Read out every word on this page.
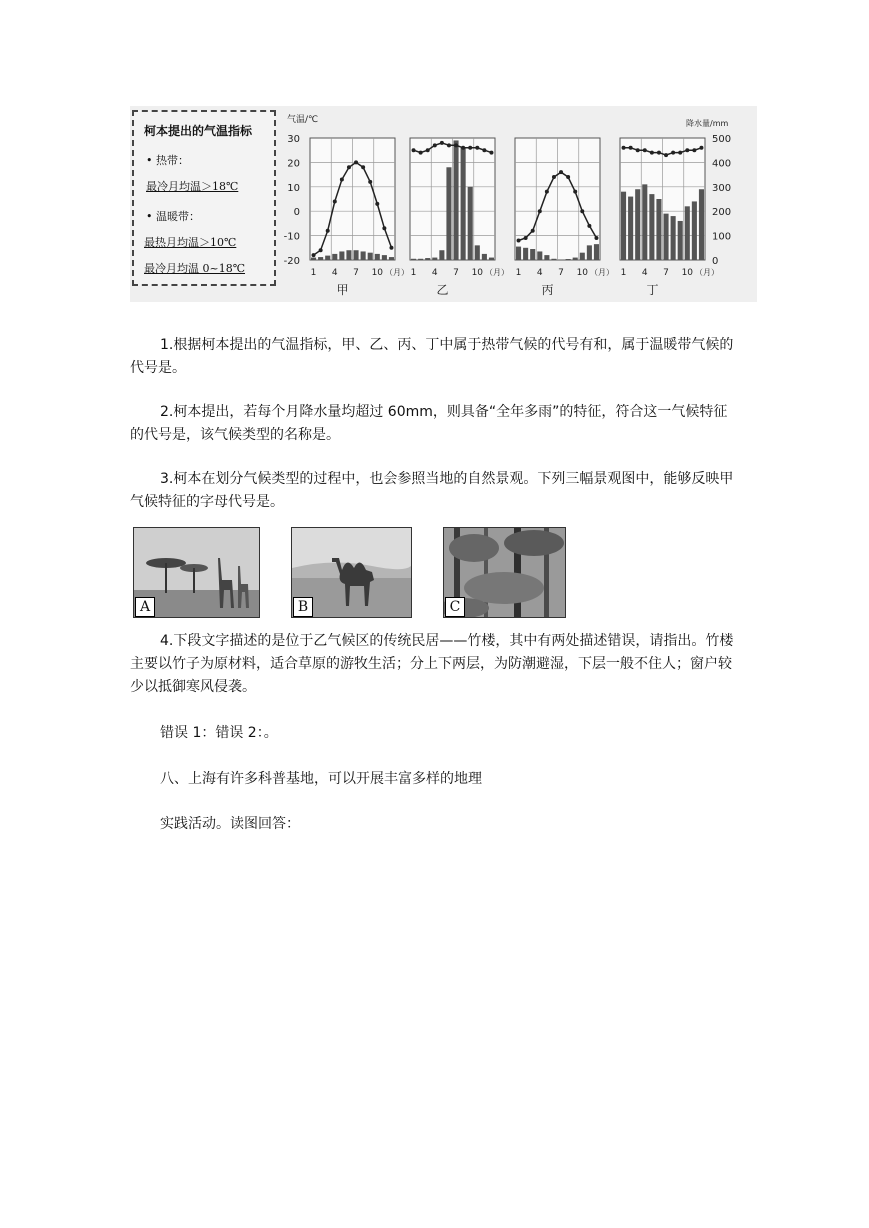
柯本提出的气温指标
• 热带：
最冷月均温＞18℃
• 温暖带：
最热月均温＞10℃
最冷月均温 0~18℃
30
20
10
0
-10
-20
气温/℃
500
400
300
200
100
0
降水量/mm
1 4 7 10 （月）
甲
1 4 7 10 （月）
乙
1 4 7 10 （月）
丙
1 4 7 10 （月）
丁

1.根据柯本提出的气温指标，甲、乙、丙、丁中属于热带气候的代号有和，属于温暖带气候的代号是。

2.柯本提出，若每个月降水量均超过 60mm，则具备“全年多雨”的特征，符合这一气候特征的代号是，该气候类型的名称是。

3.柯本在划分气候类型的过程中，也会参照当地的自然景观。下列三幅景观图中，能够反映甲气候特征的字母代号是。

A	B	C

4.下段文字描述的是位于乙气候区的传统民居——竹楼，其中有两处描述错误，请指出。竹楼主要以竹子为原材料，适合草原的游牧生活；分上下两层，为防潮避湿，下层一般不住人；窗户较少以抵御寒风侵袭。

错误 1：错误 2：。

八、上海有许多科普基地，可以开展丰富多样的地理

实践活动。读图回答：
